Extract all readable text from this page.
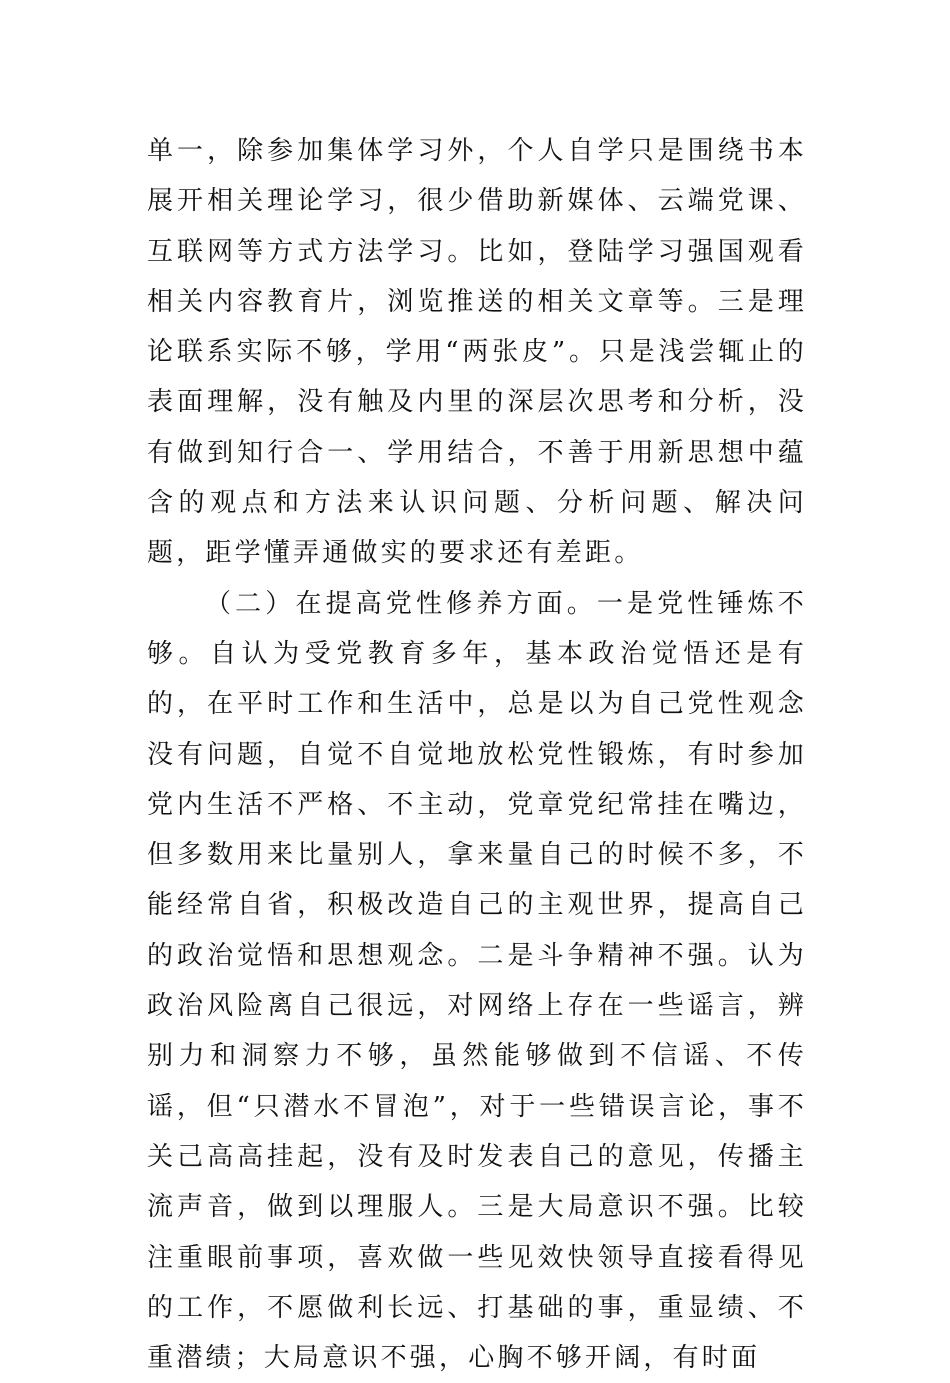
单一，除参加集体学习外，个人自学只是围绕书本展开相关理论学习，很少借助新媒体、云端党课、互联网等方式方法学习。比如，登陆学习强国观看相关内容教育片，浏览推送的相关文章等。三是理论联系实际不够，学用“两张皮”。只是浅尝辄止的表面理解，没有触及内里的深层次思考和分析，没有做到知行合一、学用结合，不善于用新思想中蕴含的观点和方法来认识问题、分析问题、解决问题，距学懂弄通做实的要求还有差距。

（二）在提高党性修养方面。一是党性锤炼不够。自认为受党教育多年，基本政治觉悟还是有的，在平时工作和生活中，总是以为自己党性观念没有问题，自觉不自觉地放松党性锻炼，有时参加党内生活不严格、不主动，党章党纪常挂在嘴边，但多数用来比量别人，拿来量自己的时候不多，不能经常自省，积极改造自己的主观世界，提高自己的政治觉悟和思想观念。二是斗争精神不强。认为政治风险离自己很远，对网络上存在一些谣言，辨别力和洞察力不够，虽然能够做到不信谣、不传谣，但“只潜水不冒泡”，对于一些错误言论，事不关己高高挂起，没有及时发表自己的意见，传播主流声音，做到以理服人。三是大局意识不强。比较注重眼前事项，喜欢做一些见效快领导直接看得见的工作，不愿做利长远、打基础的事，重显绩、不重潜绩；大局意识不强，心胸不够开阔，有时面
